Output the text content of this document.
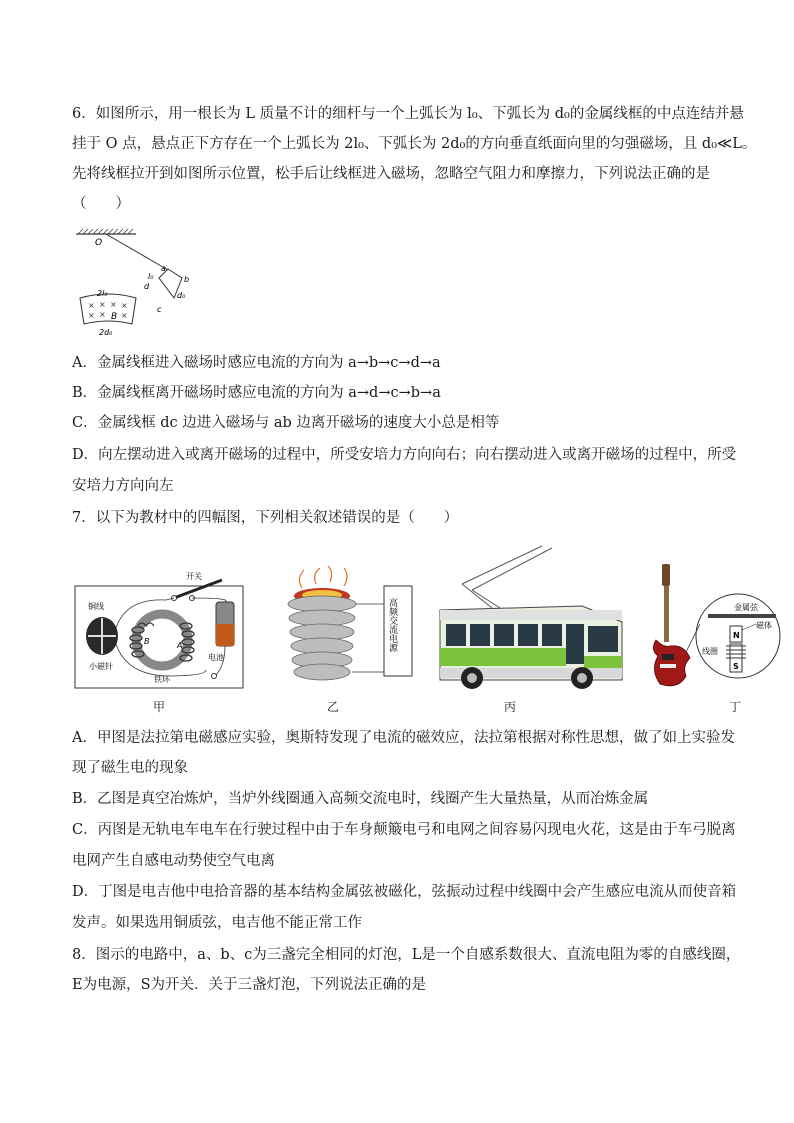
6．如图所示，用一根长为 L 质量不计的细杆与一个上弧长为 l₀、下弧长为 d₀的金属线框的中点连结并悬
挂于 O 点，悬点正下方存在一个上弧长为 2l₀、下弧长为 2d₀的方向垂直纸面向里的匀强磁场，且 d₀≪L。
先将线框拉开到如图所示位置，松手后让线框进入磁场，忽略空气阻力和摩擦力，下列说法正确的是
（　　）
O
l₀
a
b
d
d₀
c
× × × ×
× × ×
B
2l₀
2d₀
A．金属线框进入磁场时感应电流的方向为 a→b→c→d→a
B．金属线框离开磁场时感应电流的方向为 a→d→c→b→a
C．金属线框 dc 边进入磁场与 ab 边离开磁场的速度大小总是相等
D．向左摆动进入或离开磁场的过程中，所受安培力方向向右；向右摆动进入或离开磁场的过程中，所受
安培力方向向左
7．以下为教材中的四幅图，下列相关叙述错误的是（　　）
开关
B	A
电池
铜线
小磁针
铁环
高频交流电源	金属弦
N
S
磁体
线圈
甲	乙	丙	丁
A．甲图是法拉第电磁感应实验，奥斯特发现了电流的磁效应，法拉第根据对称性思想，做了如上实验发
现了磁生电的现象
B．乙图是真空冶炼炉，当炉外线圈通入高频交流电时，线圈产生大量热量，从而冶炼金属
C．丙图是无轨电车电车在行驶过程中由于车身颠簸电弓和电网之间容易闪现电火花，这是由于车弓脱离
电网产生自感电动势使空气电离
D．丁图是电吉他中电拾音器的基本结构金属弦被磁化，弦振动过程中线圈中会产生感应电流从而使音箱
发声。如果选用铜质弦，电吉他不能正常工作
8．图示的电路中，a、b、c为三盏完全相同的灯泡，L是一个自感系数很大、直流电阻为零的自感线圈，
E为电源，S为开关．关于三盏灯泡，下列说法正确的是
